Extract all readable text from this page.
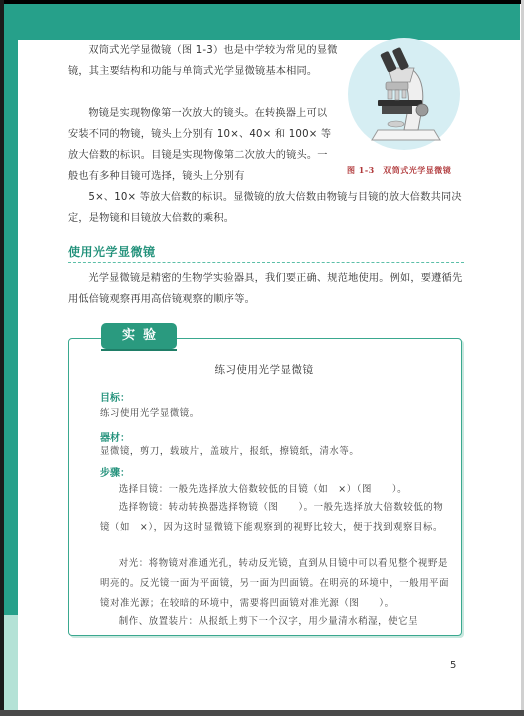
双筒式光学显微镜（图 1-3）也是中学较为常见的显微镜，其主要结构和功能与单筒式光学显微镜基本相同。

图 1-3　双筒式光学显微镜

物镜是实现物像第一次放大的镜头。在转换器上可以安装不同的物镜，镜头上分别有 10×、40× 和 100× 等放大倍数的标识。目镜是实现物像第二次放大的镜头。一般也有多种目镜可选择，镜头上分别有

5×、10× 等放大倍数的标识。显微镜的放大倍数由物镜与目镜的放大倍数共同决定，是物镜和目镜放大倍数的乘积。

使用光学显微镜

光学显微镜是精密的生物学实验器具，我们要正确、规范地使用。例如，要遵循先用低倍镜观察再用高倍镜观察的顺序等。

实验
练习使用光学显微镜
目标：

练习使用光学显微镜。

器材：

显微镜，剪刀，载玻片，盖玻片，报纸，擦镜纸，清水等。

步骤：

选择目镜：一般先选择放大倍数较低的目镜（如　×）（图　　）。

选择物镜：转动转换器选择物镜（图　　）。一般先选择放大倍数较低的物镜（如　×），因为这时显微镜下能观察到的视野比较大，便于找到观察目标。

对光：将物镜对准通光孔，转动反光镜，直到从目镜中可以看见整个视野是明亮的。反光镜一面为平面镜，另一面为凹面镜。在明亮的环境中，一般用平面镜对准光源；在较暗的环境中，需要将凹面镜对准光源（图　　）。

制作、放置装片：从报纸上剪下一个汉字，用少量清水稍湿，使它呈

5
